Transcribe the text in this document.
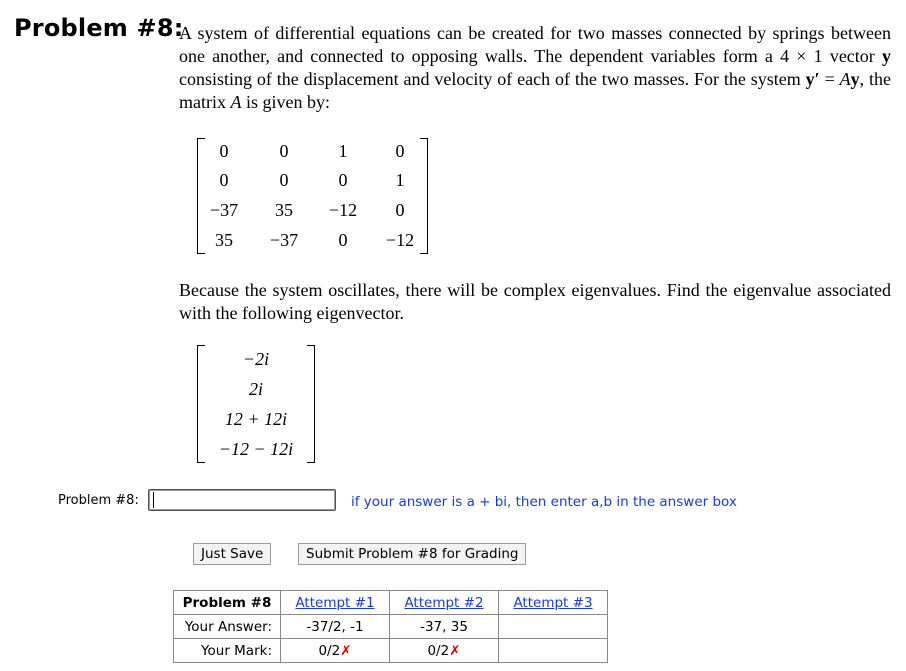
Problem #8:
A system of differential equations can be created for two masses connected by springs between one another, and connected to opposing walls. The dependent variables form a 4 × 1 vector y consisting of the displacement and velocity of each of the two masses. For the system y′ = Ay, the matrix A is given by:
0	0	1	0
0	0	0	1
−37	35	−12	0
35	−37	0	−12
Because the system oscillates, there will be complex eigenvalues. Find the eigenvalue associated with the following eigenvector.
−2i
2i
12 + 12i
−12 − 12i
Problem #8:	if your answer is a + bi, then enter a,b in the answer box
Just Save	Submit Problem #8 for Grading
Problem #8	Attempt #1	Attempt #2	Attempt #3
Your Answer:	-37/2, -1	-37, 35	
Your Mark:	0/2✗	0/2✗	
